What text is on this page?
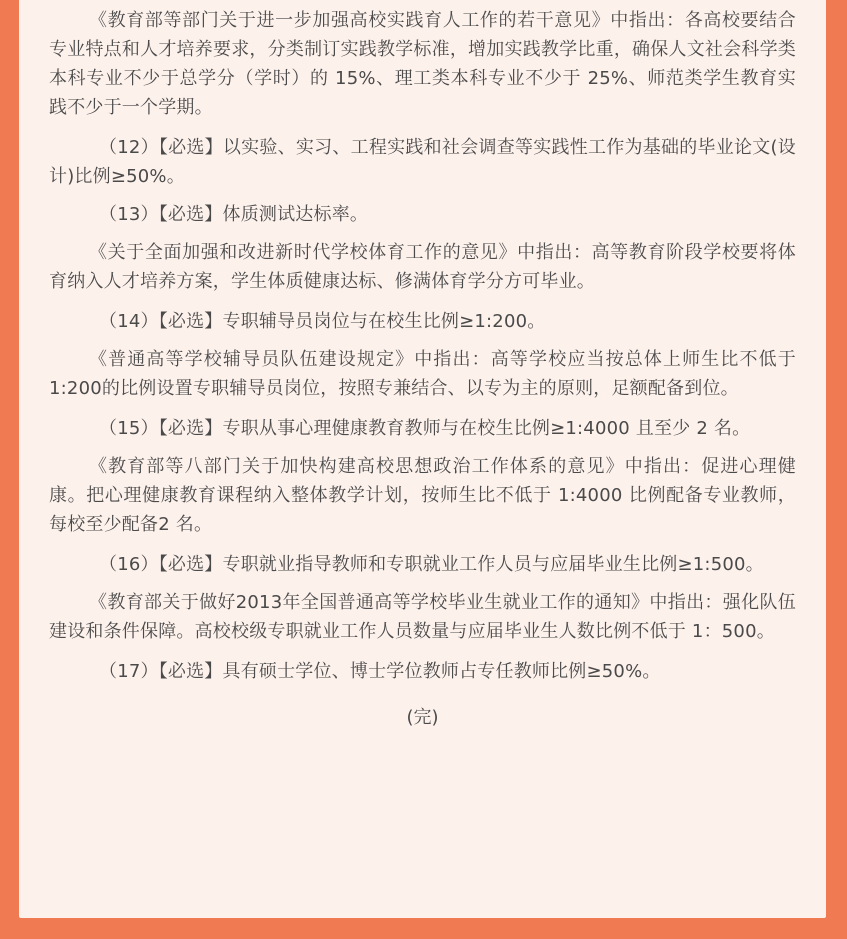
《教育部等部门关于进一步加强高校实践育人工作的若干意见》中指出：各高校要结合专业特点和人才培养要求，分类制订实践教学标准，增加实践教学比重，确保人文社会科学类本科专业不少于总学分（学时）的 15%、理工类本科专业不少于 25%、师范类学生教育实践不少于一个学期。

（12）【必选】以实验、实习、工程实践和社会调查等实践性工作为基础的毕业论文(设计)比例≥50%。

（13）【必选】体质测试达标率。

《关于全面加强和改进新时代学校体育工作的意见》中指出：高等教育阶段学校要将体育纳入人才培养方案，学生体质健康达标、修满体育学分方可毕业。

（14）【必选】专职辅导员岗位与在校生比例≥1:200。

《普通高等学校辅导员队伍建设规定》中指出：高等学校应当按总体上师生比不低于 1:200的比例设置专职辅导员岗位，按照专兼结合、以专为主的原则，足额配备到位。

（15）【必选】专职从事心理健康教育教师与在校生比例≥1:4000 且至少 2 名。

《教育部等八部门关于加快构建高校思想政治工作体系的意见》中指出：促进心理健康。把心理健康教育课程纳入整体教学计划，按师生比不低于 1:4000 比例配备专业教师，每校至少配备2 名。

（16）【必选】专职就业指导教师和专职就业工作人员与应届毕业生比例≥1:500。

《教育部关于做好2013年全国普通高等学校毕业生就业工作的通知》中指出：强化队伍建设和条件保障。高校校级专职就业工作人员数量与应届毕业生人数比例不低于 1：500。

（17）【必选】具有硕士学位、博士学位教师占专任教师比例≥50%。

(完)
